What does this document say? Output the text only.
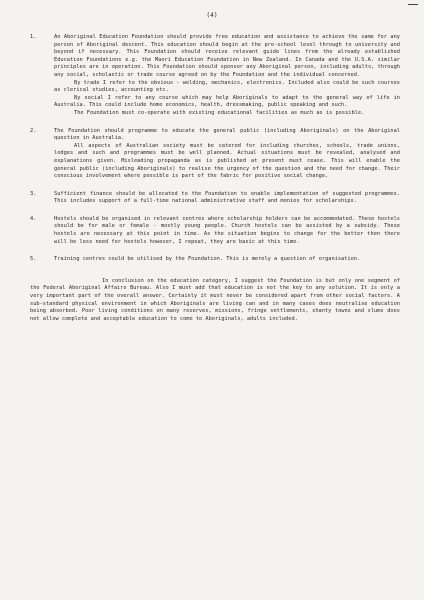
(4)
1.	An Aboriginal Education Foundation should provide free education and assistance to achieve the same for any person of Aboriginal descent. This education should begin at the pre-school level through to university and beyond if necessary. This Foundation should receive relevant guide lines from the already established Education Foundations e.g. the Maori Education Foundation in New Zealand. In Canada and the U.S.A. similar principles are in operation. This Foundation should sponsor any Aboriginal person, including adults, through any social, scholastic or trade course agreed on by the Foundation and the individual concerned.

By trade I refer to the obvious - welding, mechanics, electronics. Included also could be such courses as clerical studies, accounting etc.

By social I refer to any course which may help Aboriginals to adapt to the general way of life in Australia. This could include home economics, health, dressmaking, public speaking and such.

The Foundation must co-operate with existing educational facilities as much as is possible.

2.	The Foundation should programme to educate the general public (including Aboriginals) on the Aboriginal question in Australia.

All aspects of Australian society must be catered for including churches, schools, trade unions, lodges and such and programmes must be well planned. Actual situations must be revealed, analysed and explanations given. Misleading propaganda as is published at present must cease. This will enable the general public (including Aboriginals) to realise the urgency of the question and the need for change. Their conscious involvement where possible is part of the fabric for positive social change.

3.	Sufficient finance should be allocated to the Foundation to enable implementation of suggested programmes. This includes support of a full-time national administrative staff and monies for scholarships.

4.	Hostels should be organised in relevant centres where scholarship holders can be accommodated. These hostels should be for male or female - mostly young people. Church hostels can be assisted by a subsidy. These hostels are necessary at this point in time. As the situation begins to change for the better then there will be less need for hostels however, I repeat, they are basic at this time.

5.	Training centres could be utilised by the Foundation. This is merely a question of organisation.

In conclusion on the education category, I suggest the Foundation is but only one segment of the Federal Aboriginal Affairs Bureau. Also I must add that education is not the key to any solution. It is only a very important part of the overall answer. Certainly it must never be considered apart from other social factors. A sub-standard physical environment in which Aboriginals are living can and in many cases does neutralise education being absorbed. Poor living conditions on many reserves, missions, fringe settlements, shanty towns and slums does not allow complete and acceptable education to come to Aboriginals, adults included.
